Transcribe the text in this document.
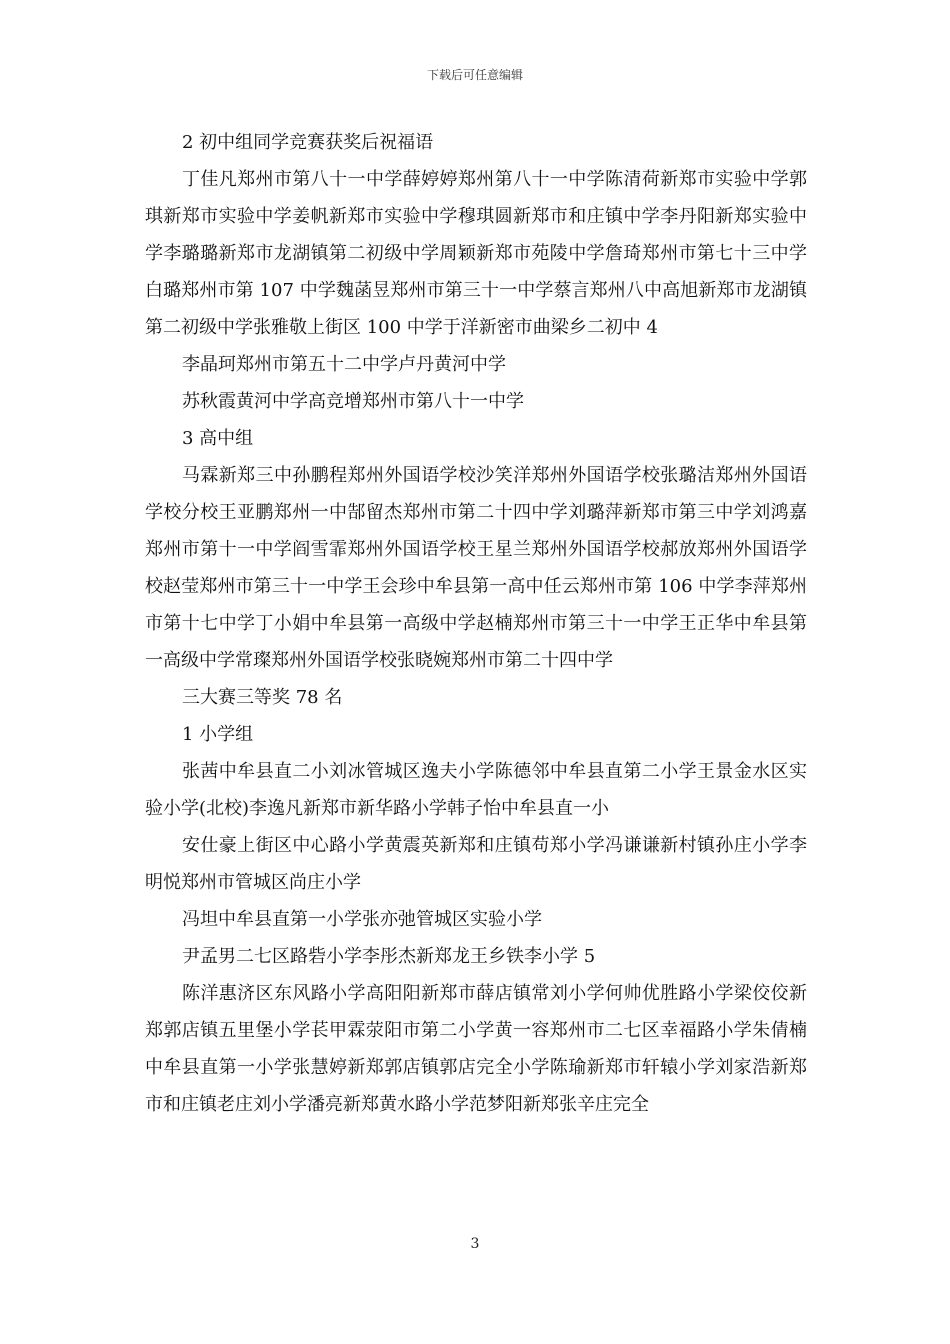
下载后可任意编辑

2 初中组同学竞赛获奖后祝福语

丁佳凡郑州市第八十一中学薛婷婷郑州第八十一中学陈清荷新郑市实验中学郭琪新郑市实验中学姜帆新郑市实验中学穆琪圆新郑市和庄镇中学李丹阳新郑实验中学李璐璐新郑市龙湖镇第二初级中学周颖新郑市苑陵中学詹琦郑州市第七十三中学白璐郑州市第 107 中学魏菡昱郑州市第三十一中学蔡言郑州八中高旭新郑市龙湖镇第二初级中学张雅敬上街区 100 中学于洋新密市曲梁乡二初中 4

李晶珂郑州市第五十二中学卢丹黄河中学

苏秋霞黄河中学高竞增郑州市第八十一中学

3 高中组

马霖新郑三中孙鹏程郑州外国语学校沙笑洋郑州外国语学校张璐洁郑州外国语学校分校王亚鹏郑州一中郜留杰郑州市第二十四中学刘璐萍新郑市第三中学刘鸿嘉郑州市第十一中学阎雪霏郑州外国语学校王星兰郑州外国语学校郝放郑州外国语学校赵莹郑州市第三十一中学王会珍中牟县第一高中任云郑州市第 106 中学李萍郑州市第十七中学丁小娟中牟县第一高级中学赵楠郑州市第三十一中学王正华中牟县第一高级中学常璨郑州外国语学校张晓婉郑州市第二十四中学

三大赛三等奖 78 名

1 小学组

张茜中牟县直二小刘冰管城区逸夫小学陈德邻中牟县直第二小学王景金水区实验小学(北校)李逸凡新郑市新华路小学韩子怡中牟县直一小

安仕豪上街区中心路小学黄震英新郑和庄镇苟郑小学冯谦谦新村镇孙庄小学李明悦郑州市管城区尚庄小学

冯坦中牟县直第一小学张亦弛管城区实验小学

尹孟男二七区路砦小学李彤杰新郑龙王乡铁李小学 5

陈洋惠济区东风路小学高阳阳新郑市薛店镇常刘小学何帅优胜路小学梁佼佼新郑郭店镇五里堡小学苌甲霖荥阳市第二小学黄一容郑州市二七区幸福路小学朱倩楠中牟县直第一小学张慧婷新郑郭店镇郭店完全小学陈瑜新郑市轩辕小学刘家浩新郑市和庄镇老庄刘小学潘亮新郑黄水路小学范梦阳新郑张辛庄完全

3
